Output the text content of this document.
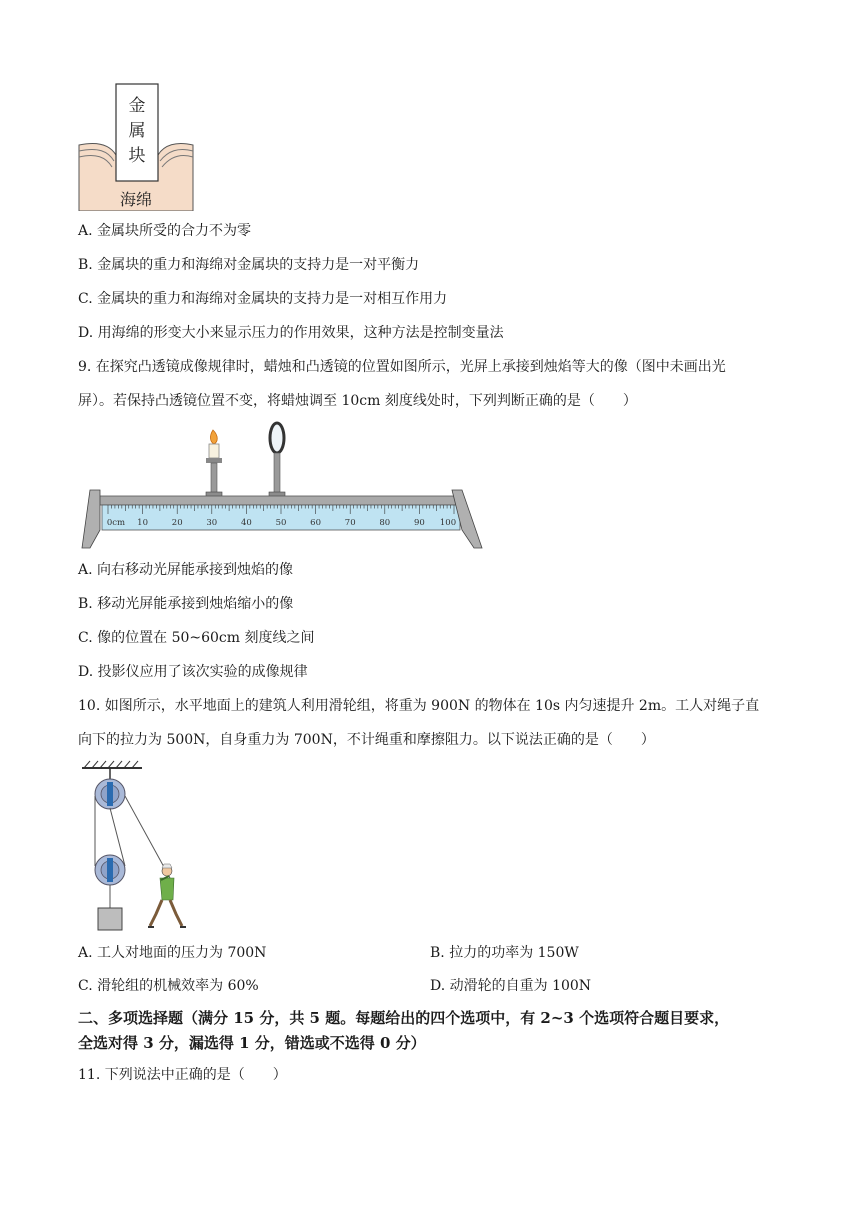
金
属
块
海绵
A. 金属块所受的合力不为零
B. 金属块的重力和海绵对金属块的支持力是一对平衡力
C. 金属块的重力和海绵对金属块的支持力是一对相互作用力
D. 用海绵的形变大小来显示压力的作用效果，这种方法是控制变量法
9. 在探究凸透镜成像规律时，蜡烛和凸透镜的位置如图所示，光屏上承接到烛焰等大的像（图中未画出光
屏）。若保持凸透镜位置不变，将蜡烛调至 10cm 刻度线处时，下列判断正确的是（　　）
0cm 10	20	30	40	50	60	70	80	90 100
A. 向右移动光屏能承接到烛焰的像
B. 移动光屏能承接到烛焰缩小的像
C. 像的位置在 50~60cm 刻度线之间
D. 投影仪应用了该次实验的成像规律
10. 如图所示，水平地面上的建筑人利用滑轮组，将重为 900N 的物体在 10s 内匀速提升 2m。工人对绳子直
向下的拉力为 500N，自身重力为 700N，不计绳重和摩擦阻力。以下说法正确的是（　　）
A. 工人对地面的压力为 700N	B. 拉力的功率为 150W
C. 滑轮组的机械效率为 60%	D. 动滑轮的自重为 100N
二、多项选择题（满分 15 分，共 5 题。每题给出的四个选项中，有 2~3 个选项符合题目要求，
全选对得 3 分，漏选得 1 分，错选或不选得 0 分）
11. 下列说法中正确的是（　　）
